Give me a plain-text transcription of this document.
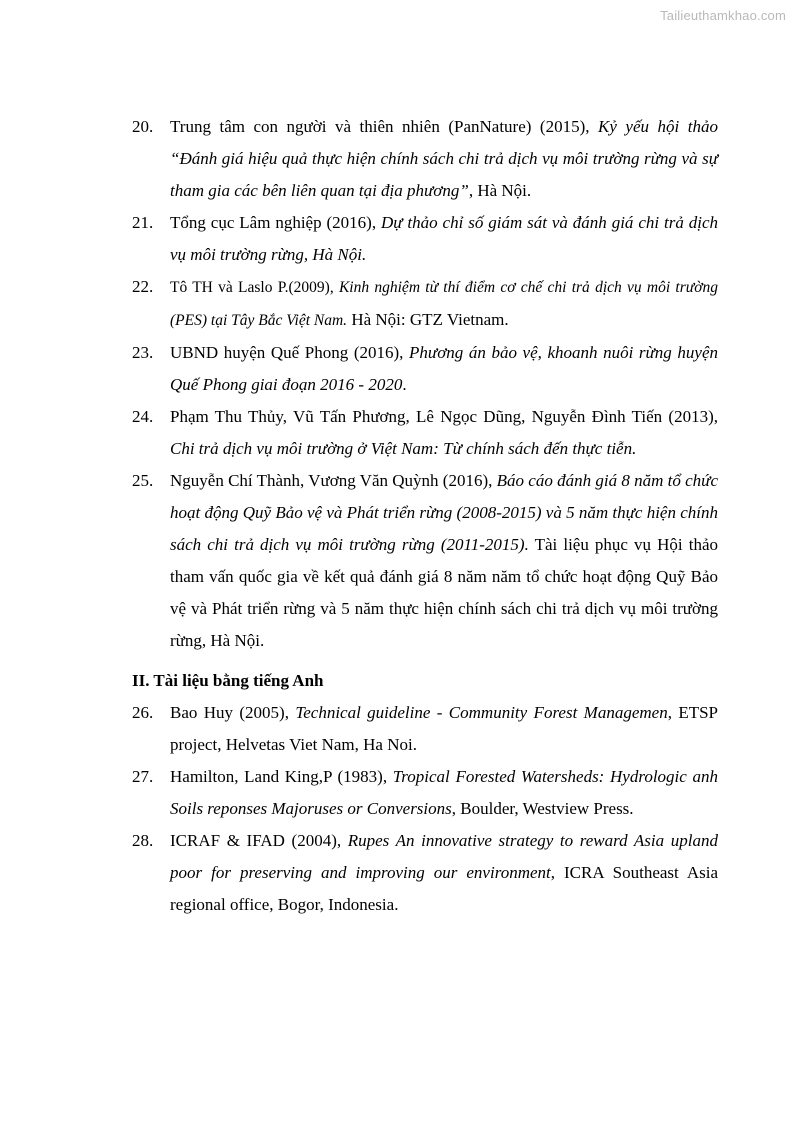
Tailieuthamkhao.com
20. Trung tâm con người và thiên nhiên (PanNature) (2015), Kỷ yếu hội thảo “Đánh giá hiệu quả thực hiện chính sách chi trả dịch vụ môi trường rừng và sự tham gia các bên liên quan tại địa phương”, Hà Nội.
21. Tổng cục Lâm nghiệp (2016), Dự thảo chỉ số giám sát và đánh giá chi trả dịch vụ môi trường rừng, Hà Nội.
22.	Tô TH và Laslo P.(2009), Kinh nghiệm từ thí điểm cơ chế chi trả dịch vụ môi trường (PES) tại Tây Bắc Việt Nam. Hà Nội: GTZ Vietnam.
23. UBND huyện Quế Phong (2016), Phương án bảo vệ, khoanh nuôi rừng huyện Quế Phong giai đoạn 2016 - 2020.
24. Phạm Thu Thủy, Vũ Tấn Phương, Lê Ngọc Dũng, Nguyễn Đình Tiến (2013), Chi trả dịch vụ môi trường ở Việt Nam: Từ chính sách đến thực tiễn.
25. Nguyễn Chí Thành, Vương Văn Quỳnh (2016), Báo cáo đánh giá 8 năm tổ chức hoạt động Quỹ Bảo vệ và Phát triển rừng (2008-2015) và 5 năm thực hiện chính sách chi trả dịch vụ môi trường rừng (2011-2015). Tài liệu phục vụ Hội thảo tham vấn quốc gia về kết quả đánh giá 8 năm năm tổ chức hoạt động Quỹ Bảo vệ và Phát triển rừng và 5 năm thực hiện chính sách chi trả dịch vụ môi trường rừng, Hà Nội.
II. Tài liệu bằng tiếng Anh
26. Bao Huy (2005), Technical guideline - Community Forest Managemen, ETSP project, Helvetas Viet Nam, Ha Noi.
27. Hamilton, Land King,P (1983), Tropical Forested Watersheds: Hydrologic anh Soils reponses Majoruses or Conversions, Boulder, Westview Press.
28. ICRAF & IFAD (2004), Rupes An innovative strategy to reward Asia upland poor for preserving and improving our environment, ICRA Southeast Asia regional office, Bogor, Indonesia.
